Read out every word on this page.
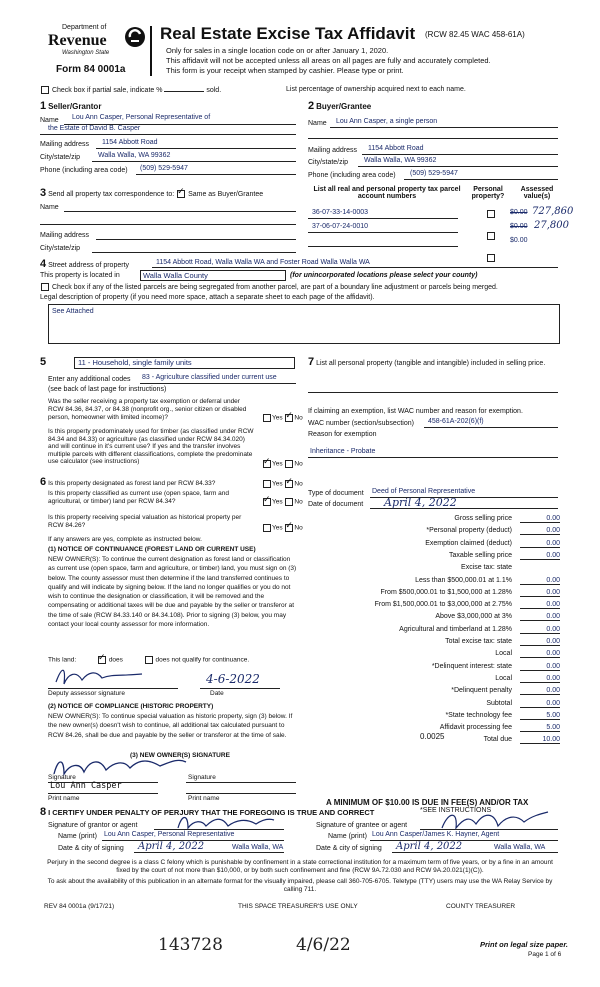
Department of
Revenue
Washington State
Form 84 0001a
Real Estate Excise Tax Affidavit (RCW 82.45 WAC 458-61A)
Only for sales in a single location code on or after January 1, 2020.
This affidavit will not be accepted unless all areas on all pages are fully and accurately completed.
This form is your receipt when stamped by cashier. Please type or print.
Check box if partial sale, indicate %	sold.	List percentage of ownership acquired next to each name.
1 Seller/Grantor
Name Lou Ann Casper, Personal Representative of
the Estate of David B. Casper
Mailing address 1154 Abbott Road
City/state/zip	Walla Walla, WA 99362
Phone (including area code) (509) 529-5947
2 Buyer/Grantee
Name Lou Ann Casper, a single person
Mailing address 1154 Abbott Road
City/state/zip Walla Walla, WA 99362
Phone (including area code) (509) 529-5947
3 Send all property tax correspondence to: ✓ Same as Buyer/Grantee
Name
Mailing address
City/state/zip
List all real and personal property tax parcel account numbers
Personal property?
Assessed value(s)
36-07-33-14-0003	$0.00 727,860
37-06-07-24-0010	$0.00 27,800
$0.00
4 Street address of property	1154 Abbott Road, Walla Walla WA and Foster Road Walla Walla WA
This property is located in	Walla Walla County	(for unincorporated locations please select your county)
Check box if any of the listed parcels are being segregated from another parcel, are part of a boundary line adjustment or parcels being merged.
Legal description of property (if you need more space, attach a separate sheet to each page of the affidavit).
See Attached
5	11 - Household, single family units
Enter any additional codes 83 - Agriculture classified under current use
(see back of last page for instructions)
Was the seller receiving a property tax exemption or deferral under RCW 84.36, 84.37, or 84.38 (nonprofit org., senior citizen or disabled person, homeowner with limited income)?	Yes ✓ No
Is this property predominately used for timber (as classified under RCW 84.34 and 84.33) or agriculture (as classified under RCW 84.34.020) and will continue in it's current use? If yes and the transfer involves multiple parcels with different classifications, complete the predominate use calculator (see instructions) ✓	Yes No
6 Is this property designated as forest land per RCW 84.33?	Yes ✓ No
Is this property classified as current use (open space, farm and agricultural, or timber) land per RCW 84.34? ✓	Yes No
Is this property receiving special valuation as historical property per RCW 84.26?	Yes ✓ No
If any answers are yes, complete as instructed below.
(1) NOTICE OF CONTINUANCE (FOREST LAND OR CURRENT USE)
NEW OWNER(S): To continue the current designation as forest land or classification as current use (open space, farm and agriculture, or timber) land, you must sign on (3) below. The county assessor must then determine if the land transferred continues to qualify and will indicate by signing below. If the land no longer qualifies or you do not wish to continue the designation or classification, it will be removed and the compensating or additional taxes will be due and payable by the seller or transferor at the time of sale (RCW 84.33.140 or 84.34.108). Prior to signing (3) below, you may contact your local county assessor for more information.
This land: ✓	does	does not qualify for continuance.
4-6-2022
Deputy assessor signature	Date
(2) NOTICE OF COMPLIANCE (HISTORIC PROPERTY)
NEW OWNER(S): To continue special valuation as historic property, sign (3) below. If the new owner(s) doesn't wish to continue, all additional tax calculated pursuant to RCW 84.26, shall be due and payable by the seller or transferor at the time of sale.
(3) NEW OWNER(S) SIGNATURE
Signature	Signature
Lou Ann Casper
Print name	Print name
7 List all personal property (tangible and intangible) included in selling price.
If claiming an exemption, list WAC number and reason for exemption.
WAC number (section/subsection) 458-61A-202(6)(f)
Reason for exemption
Inheritance - Probate
Type of document Deed of Personal Representative
Date of document April 4, 2022
Gross selling price	0.00
*Personal property (deduct)	0.00
Exemption claimed (deduct)	0.00
Taxable selling price	0.00
Excise tax: state
Less than $500,000.01 at 1.1%	0.00
From $500,000.01 to $1,500,000 at 1.28%	0.00
From $1,500,000.01 to $3,000,000 at 2.75%	0.00
Above $3,000,000 at 3%	0.00
Agricultural and timberland at 1.28%	0.00
Total excise tax: state	0.00
Local	0.00
*Delinquent interest: state	0.00
Local	0.00
*Delinquent penalty	0.00
Subtotal	0.00
*State technology fee	5.00
Affidavit processing fee	5.00
Total due	10.00
0.0025
A MINIMUM OF $10.00 IS DUE IN FEE(S) AND/OR TAX
*SEE INSTRUCTIONS
8 I CERTIFY UNDER PENALTY OF PERJURY THAT THE FOREGOING IS TRUE AND CORRECT
Signature of grantor or agent
Name (print) Lou Ann Casper, Personal Representative
Date & city of signing April 4, 2022	Walla Walla, WA
Signature of grantee or agent
Name (print) Lou Ann Casper/James K. Hayner, Agent
Date & city of signing April 4, 2022	Walla Walla, WA
Perjury in the second degree is a class C felony which is punishable by confinement in a state correctional institution for a maximum term of five years, or by a fine in an amount fixed by the court of not more than $10,000, or by both such confinement and fine (RCW 9A.72.030 and RCW 9A.20.021(1)(C)).
To ask about the availability of this publication in an alternate format for the visually impaired, please call 360-705-6705. Teletype (TTY) users may use the WA Relay Service by calling 711.
REV 84 0001a (9/17/21)	THIS SPACE TREASURER'S USE ONLY	COUNTY TREASURER
143728	4/6/22	Print on legal size paper.
Page 1 of 6
